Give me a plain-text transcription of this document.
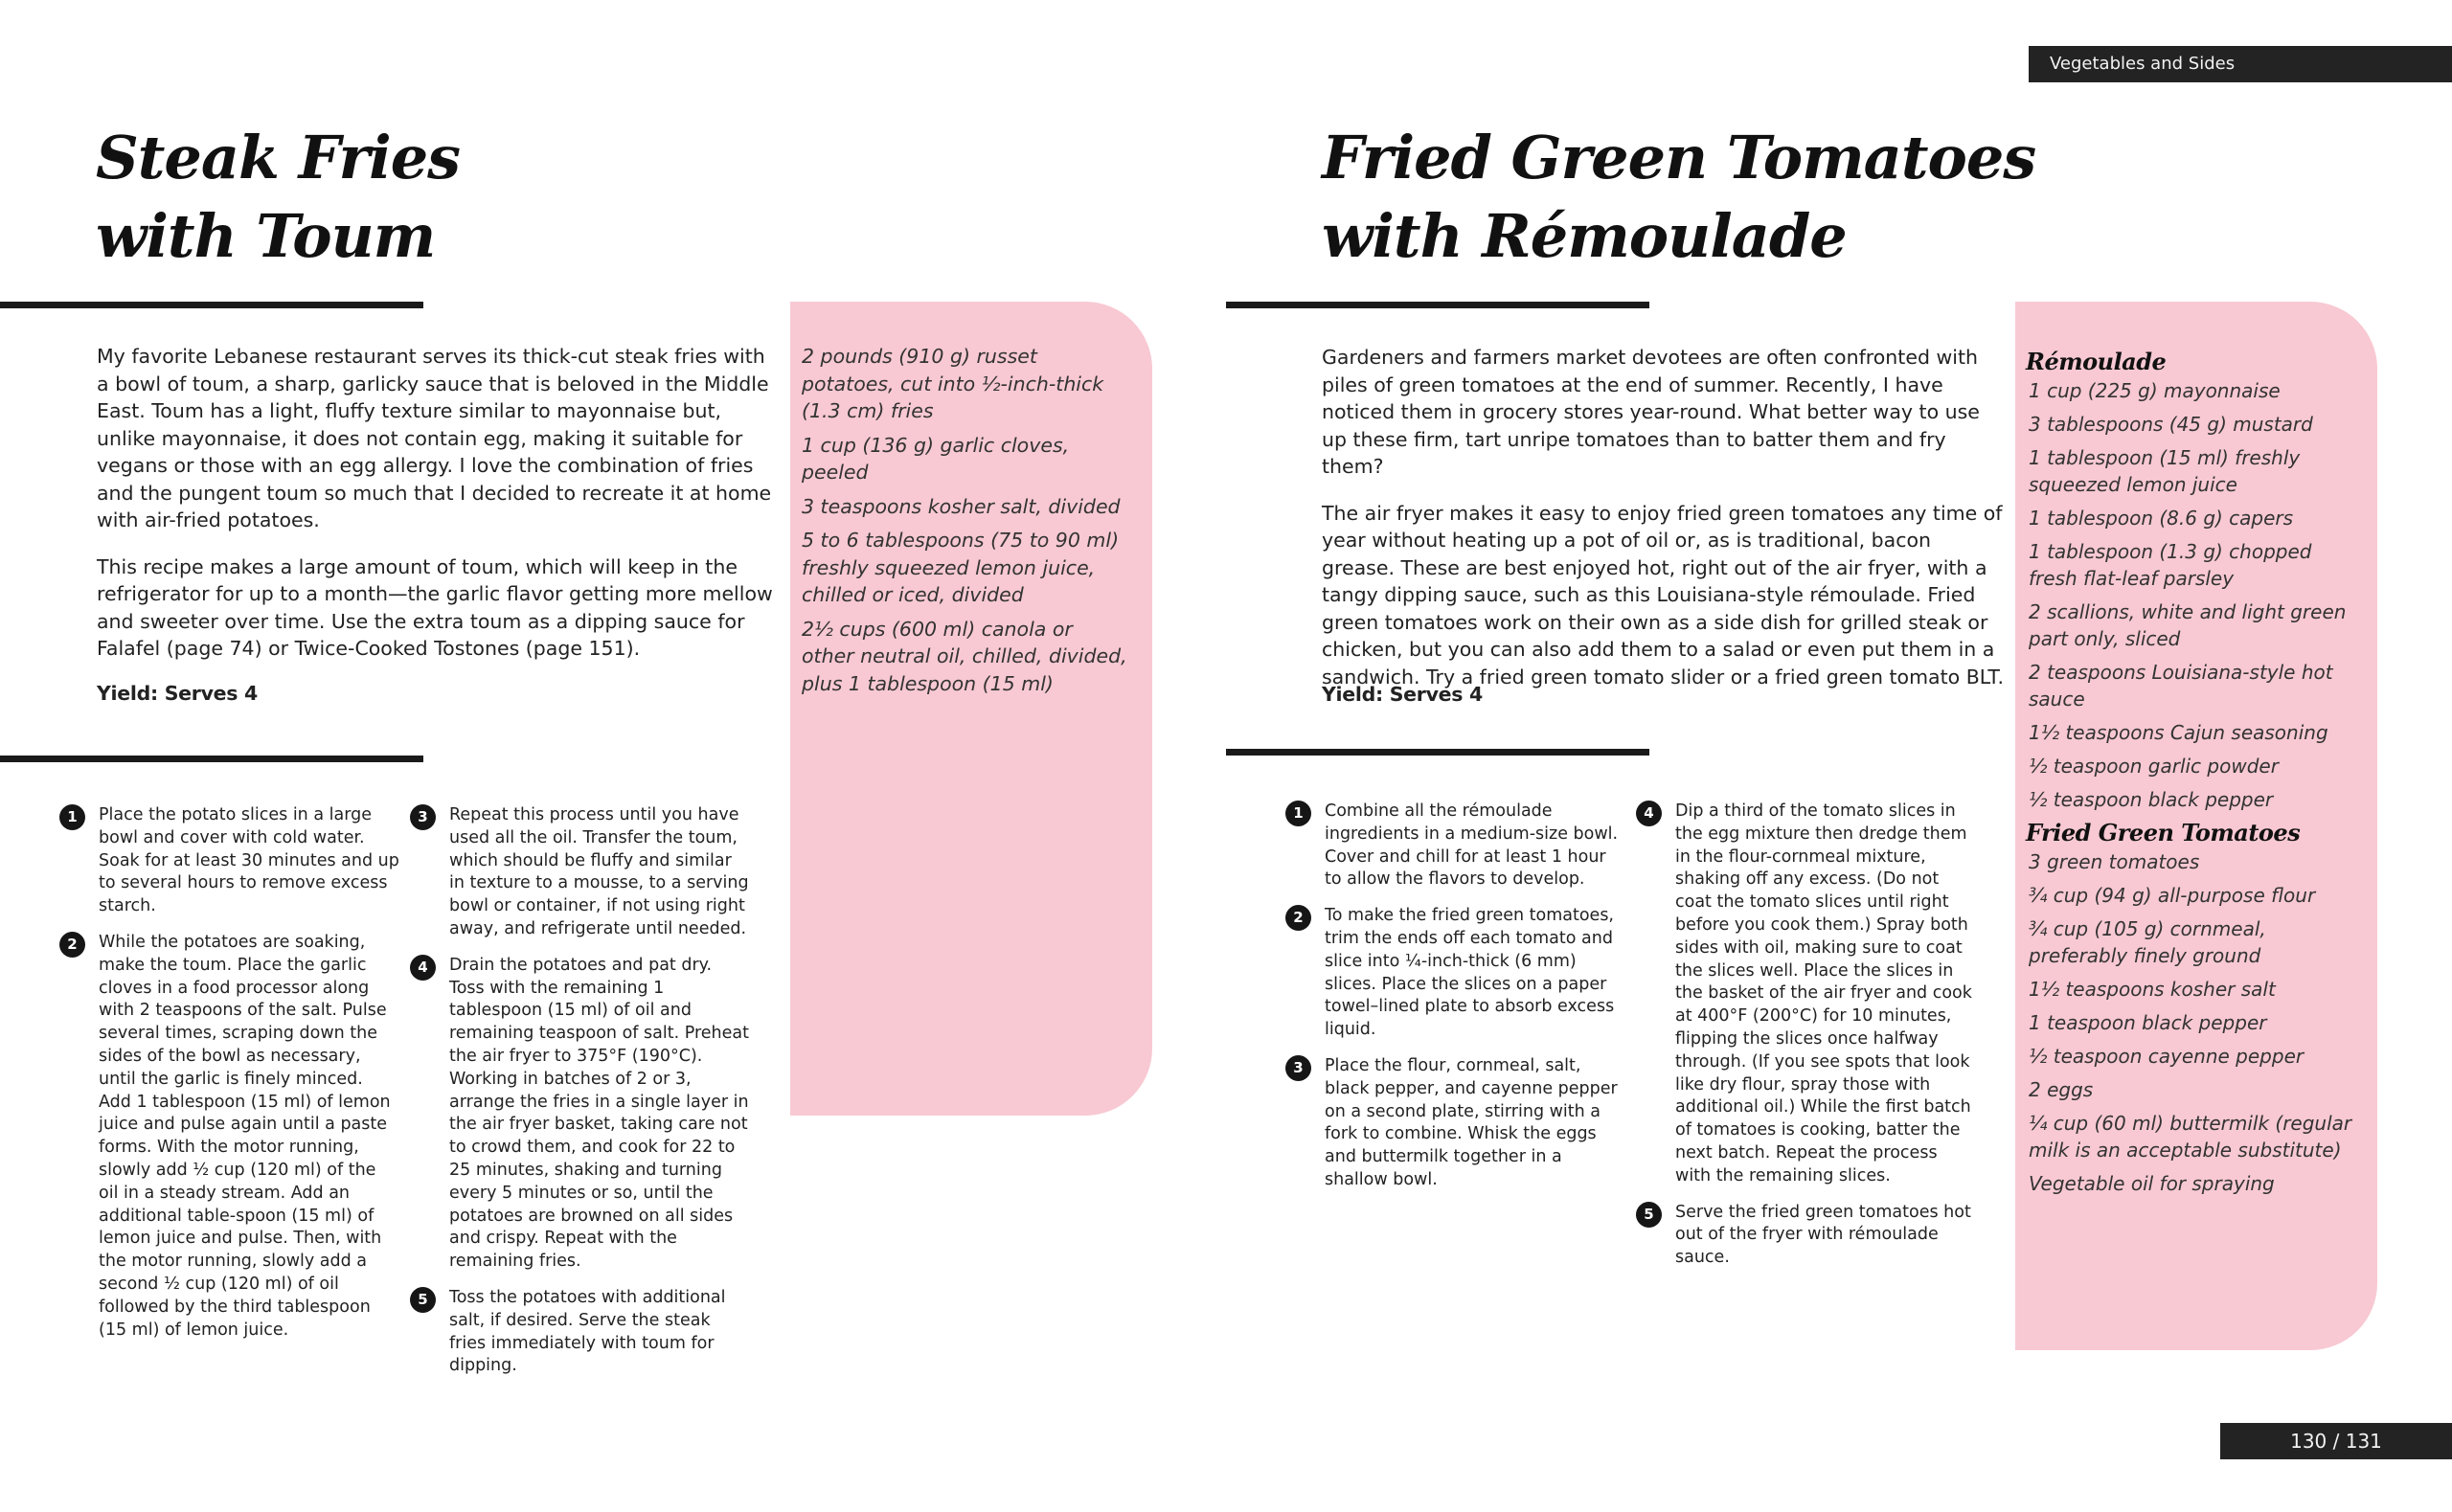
Vegetables and Sides
130 / 131
Steak Fries
with Toum

My favorite Lebanese restaurant serves its thick-cut steak fries with a bowl of toum, a sharp, garlicky sauce that is beloved in the Middle East. Toum has a light, fluffy texture similar to mayonnaise but, unlike mayonnaise, it does not contain egg, making it suitable for vegans or those with an egg allergy. I love the combination of fries and the pungent toum so much that I decided to recreate it at home with air-fried potatoes.

This recipe makes a large amount of toum, which will keep in the refrigerator for up to a month—the garlic flavor getting more mellow and sweeter over time. Use the extra toum as a dipping sauce for Falafel (page 74) or Twice-Cooked Tostones (page 151).

Yield: Serves 4
2 pounds (910 g) russet potatoes, cut into ½-inch-thick (1.3 cm) fries
1 cup (136 g) garlic cloves, peeled
3 teaspoons kosher salt, divided
5 to 6 tablespoons (75 to 90 ml) freshly squeezed lemon juice, chilled or iced, divided
2½ cups (600 ml) canola or other neutral oil, chilled, divided, plus 1 tablespoon (15 ml)
1	Place the potato slices in a large bowl and cover with cold water. Soak for at least 30 minutes and up to several hours to remove excess starch.
2	While the potatoes are soaking, make the toum. Place the garlic cloves in a food processor along with 2 teaspoons of the salt. Pulse several times, scraping down the sides of the bowl as necessary, until the garlic is finely minced. Add 1 tablespoon (15 ml) of lemon juice and pulse again until a paste forms. With the motor running, slowly add ½ cup (120 ml) of the oil in a steady stream. Add an additional table-spoon (15 ml) of lemon juice and pulse. Then, with the motor running, slowly add a second ½ cup (120 ml) of oil followed by the third tablespoon (15 ml) of lemon juice.
3	Repeat this process until you have used all the oil. Transfer the toum, which should be fluffy and similar in texture to a mousse, to a serving bowl or container, if not using right away, and refrigerate until needed.
4	Drain the potatoes and pat dry. Toss with the remaining 1 tablespoon (15 ml) of oil and remaining teaspoon of salt. Preheat the air fryer to 375°F (190°C). Working in batches of 2 or 3, arrange the fries in a single layer in the air fryer basket, taking care not to crowd them, and cook for 22 to 25 minutes, shaking and turning every 5 minutes or so, until the potatoes are browned on all sides and crispy. Repeat with the remaining fries.
5	Toss the potatoes with additional salt, if desired. Serve the steak fries immediately with toum for dipping.
Fried Green Tomatoes
with Rémoulade

Gardeners and farmers market devotees are often confronted with piles of green tomatoes at the end of summer. Recently, I have noticed them in grocery stores year-round. What better way to use up these firm, tart unripe tomatoes than to batter them and fry them?

The air fryer makes it easy to enjoy fried green tomatoes any time of year without heating up a pot of oil or, as is traditional, bacon grease. These are best enjoyed hot, right out of the air fryer, with a tangy dipping sauce, such as this Louisiana-style rémoulade. Fried green tomatoes work on their own as a side dish for grilled steak or chicken, but you can also add them to a salad or even put them in a sandwich. Try a fried green tomato slider or a fried green tomato BLT.

Yield: Serves 4
Rémoulade
1 cup (225 g) mayonnaise
3 tablespoons (45 g) mustard
1 tablespoon (15 ml) freshly squeezed lemon juice
1 tablespoon (8.6 g) capers
1 tablespoon (1.3 g) chopped fresh flat-leaf parsley
2 scallions, white and light green part only, sliced
2 teaspoons Louisiana-style hot sauce
1½ teaspoons Cajun seasoning
½ teaspoon garlic powder
½ teaspoon black pepper
Fried Green Tomatoes
3 green tomatoes
¾ cup (94 g) all-purpose flour
¾ cup (105 g) cornmeal, preferably finely ground
1½ teaspoons kosher salt
1 teaspoon black pepper
½ teaspoon cayenne pepper
2 eggs
¼ cup (60 ml) buttermilk (regular milk is an acceptable substitute)
Vegetable oil for spraying
1	Combine all the rémoulade ingredients in a medium-size bowl. Cover and chill for at least 1 hour to allow the flavors to develop.
2	To make the fried green tomatoes, trim the ends off each tomato and slice into ¼-inch-thick (6 mm) slices. Place the slices on a paper towel–lined plate to absorb excess liquid.
3	Place the flour, cornmeal, salt, black pepper, and cayenne pepper on a second plate, stirring with a fork to combine. Whisk the eggs and buttermilk together in a shallow bowl.
4	Dip a third of the tomato slices in the egg mixture then dredge them in the flour-cornmeal mixture, shaking off any excess. (Do not coat the tomato slices until right before you cook them.) Spray both sides with oil, making sure to coat the slices well. Place the slices in the basket of the air fryer and cook at 400°F (200°C) for 10 minutes, flipping the slices once halfway through. (If you see spots that look like dry flour, spray those with additional oil.) While the first batch of tomatoes is cooking, batter the next batch. Repeat the process with the remaining slices.
5	Serve the fried green tomatoes hot out of the fryer with rémoulade sauce.
